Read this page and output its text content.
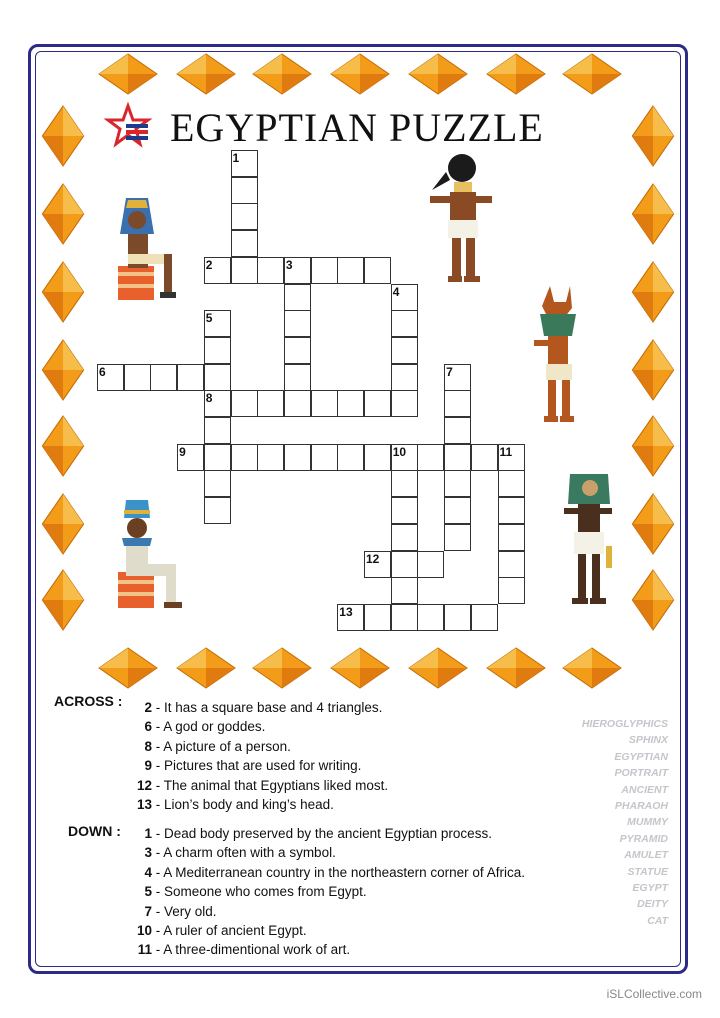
EGYPTIAN PUZZLE
1
2	3
4
5
6	7
8
9	10	11
12
13
ACROSS :
DOWN :
2 - It has a square base and 4 triangles.
6 - A god or goddes.
8 - A picture of a person.
9 - Pictures that are used for writing.
12 - The animal that Egyptians liked most.
13 - Lion’s body and king’s head.
1 - Dead body preserved by the ancient Egyptian process.
3 - A charm often with a symbol.
4 - A Mediterranean country in the northeastern corner of Africa.
5 - Someone who comes from Egypt.
7 - Very old.
10 - A ruler of ancient Egypt.
11 - A three-dimentional work of art.
HIEROGLYPHICS
SPHINX
EGYPTIAN
PORTRAIT
ANCIENT
PHARAOH
MUMMY
PYRAMID
AMULET
STATUE
EGYPT
DEITY
CAT
iSLCollective.com
